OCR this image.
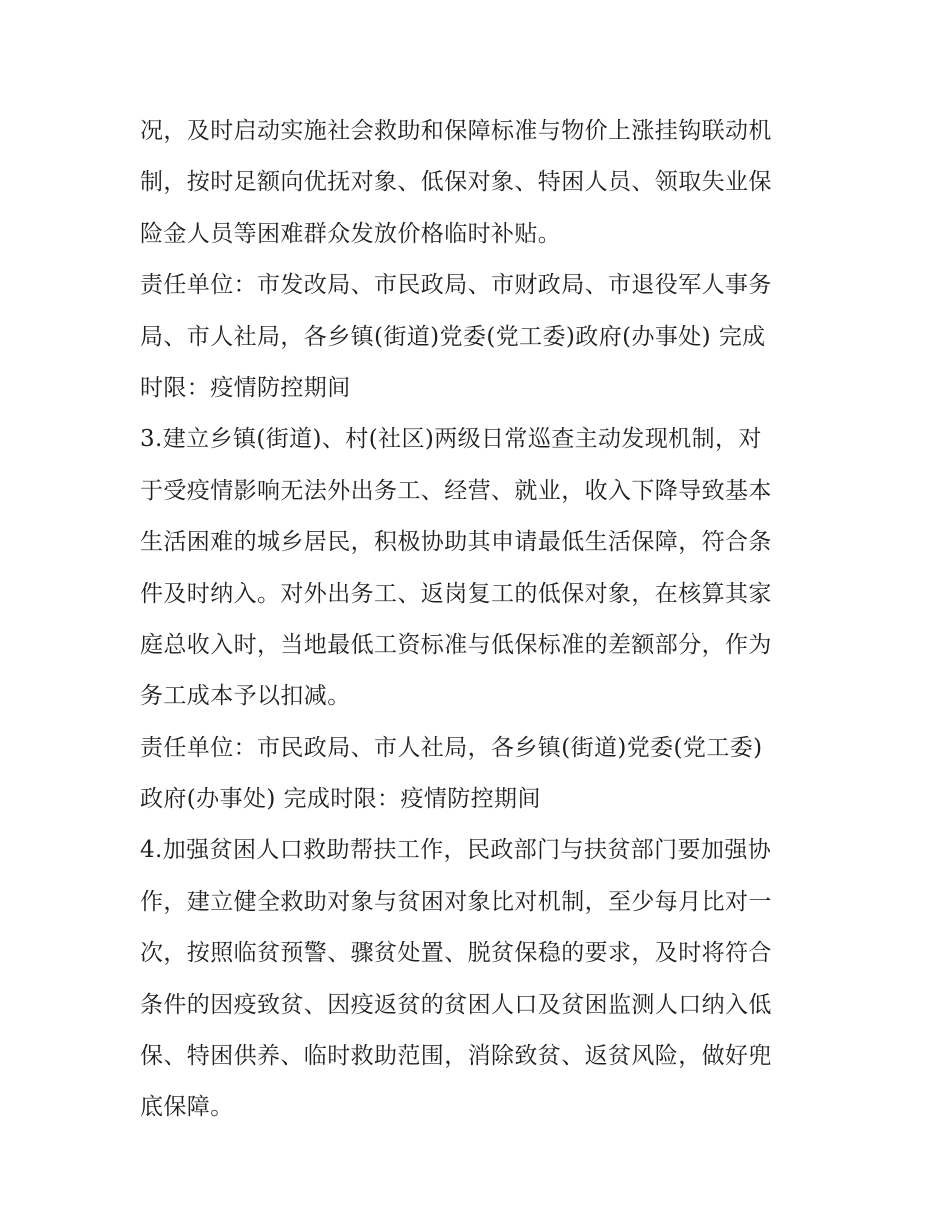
况，及时启动实施社会救助和保障标准与物价上涨挂钩联动机
制，按时足额向优抚对象、低保对象、特困人员、领取失业保
险金人员等困难群众发放价格临时补贴。
责任单位：市发改局、市民政局、市财政局、市退役军人事务
局、市人社局，各乡镇(街道)党委(党工委)政府(办事处) 完成
时限：疫情防控期间
3.建立乡镇(街道)、村(社区)两级日常巡查主动发现机制，对
于受疫情影响无法外出务工、经营、就业，收入下降导致基本
生活困难的城乡居民，积极协助其申请最低生活保障，符合条
件及时纳入。对外出务工、返岗复工的低保对象，在核算其家
庭总收入时，当地最低工资标准与低保标准的差额部分，作为
务工成本予以扣减。
责任单位：市民政局、市人社局，各乡镇(街道)党委(党工委)
政府(办事处) 完成时限：疫情防控期间
4.加强贫困人口救助帮扶工作，民政部门与扶贫部门要加强协
作，建立健全救助对象与贫困对象比对机制，至少每月比对一
次，按照临贫预警、骤贫处置、脱贫保稳的要求，及时将符合
条件的因疫致贫、因疫返贫的贫困人口及贫困监测人口纳入低
保、特困供养、临时救助范围，消除致贫、返贫风险，做好兜
底保障。
